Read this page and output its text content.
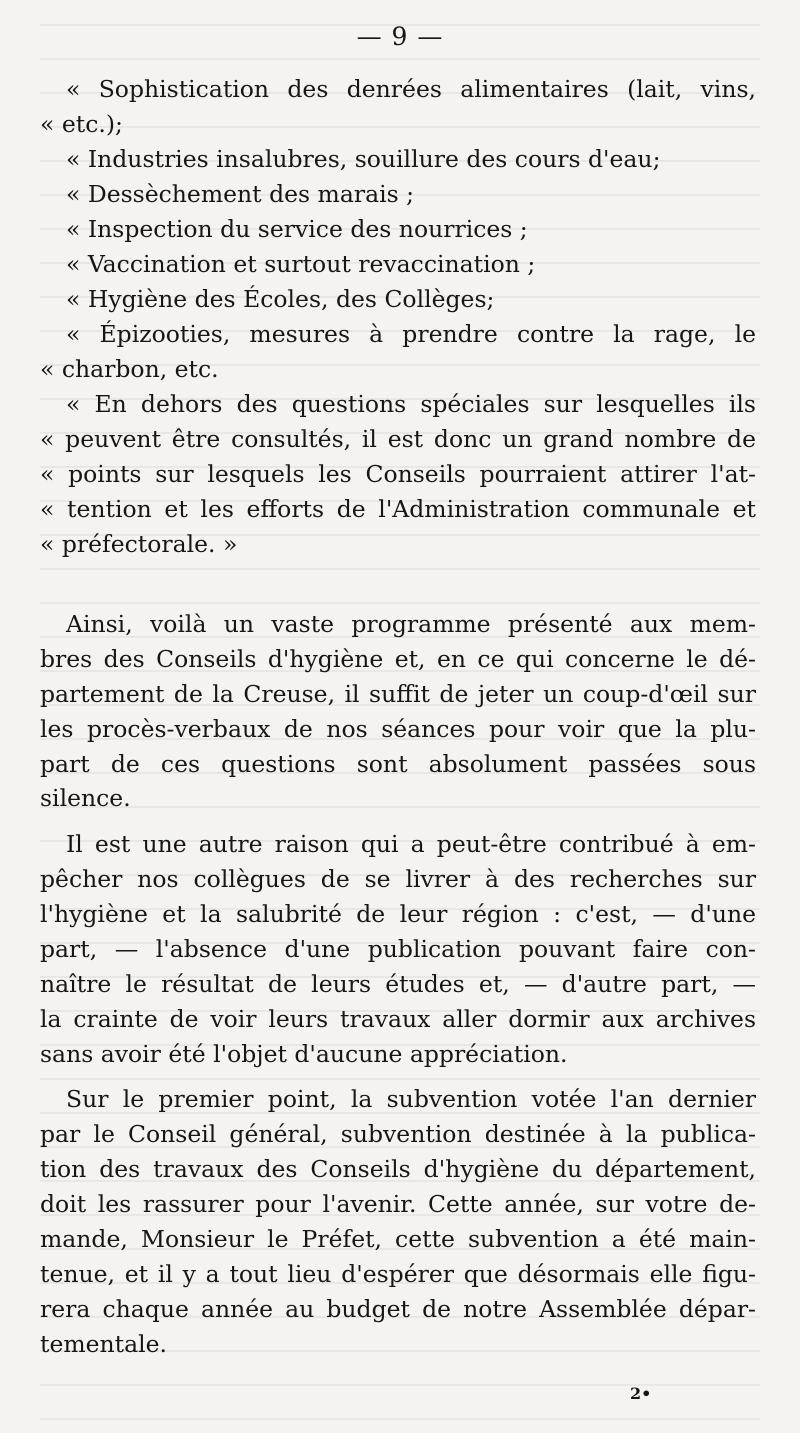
— 9 —
« Sophistication des denrées alimentaires (lait, vins,
« etc.);
« Industries insalubres, souillure des cours d'eau;
« Dessèchement des marais ;
« Inspection du service des nourrices ;
« Vaccination et surtout revaccination ;
« Hygiène des Écoles, des Collèges;
« Épizooties, mesures à prendre contre la rage, le
« charbon, etc.
« En dehors des questions spéciales sur lesquelles ils
« peuvent être consultés, il est donc un grand nombre de
« points sur lesquels les Conseils pourraient attirer l'at-
« tention et les efforts de l'Administration communale et
« préfectorale. »
Ainsi, voilà un vaste programme présenté aux mem-
bres des Conseils d'hygiène et, en ce qui concerne le dé-
partement de la Creuse, il suffit de jeter un coup-d'œil sur
les procès-verbaux de nos séances pour voir que la plu-
part de ces questions sont absolument passées sous silence.
Il est une autre raison qui a peut-être contribué à em-
pêcher nos collègues de se livrer à des recherches sur
l'hygiène et la salubrité de leur région : c'est, — d'une
part, — l'absence d'une publication pouvant faire con-
naître le résultat de leurs études et, — d'autre part, —
la crainte de voir leurs travaux aller dormir aux archives
sans avoir été l'objet d'aucune appréciation.
Sur le premier point, la subvention votée l'an dernier
par le Conseil général, subvention destinée à la publica-
tion des travaux des Conseils d'hygiène du département,
doit les rassurer pour l'avenir. Cette année, sur votre de-
mande, Monsieur le Préfet, cette subvention a été main-
tenue, et il y a tout lieu d'espérer que désormais elle figu-
rera chaque année au budget de notre Assemblée dépar-
tementale.
2•
